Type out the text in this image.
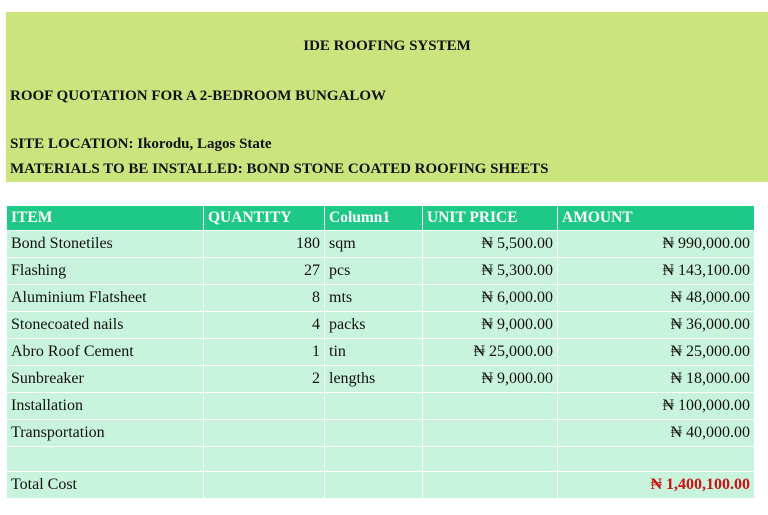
IDE ROOFING SYSTEM
ROOF QUOTATION FOR A 2-BEDROOM BUNGALOW
SITE LOCATION: Ikorodu, Lagos State
MATERIALS TO BE INSTALLED: BOND STONE COATED ROOFING SHEETS
ITEM	QUANTITY	Column1	UNIT PRICE	AMOUNT
Bond Stonetiles	180	sqm	₦ 5,500.00	₦ 990,000.00
Flashing	27	pcs	₦ 5,300.00	₦ 143,100.00
Aluminium Flatsheet	8	mts	₦ 6,000.00	₦ 48,000.00
Stonecoated nails	4	packs	₦ 9,000.00	₦ 36,000.00
Abro Roof Cement	1	tin	₦ 25,000.00	₦ 25,000.00
Sunbreaker	2	lengths	₦ 9,000.00	₦ 18,000.00
Installation				₦ 100,000.00
Transportation				₦ 40,000.00

Total Cost				₦ 1,400,100.00
